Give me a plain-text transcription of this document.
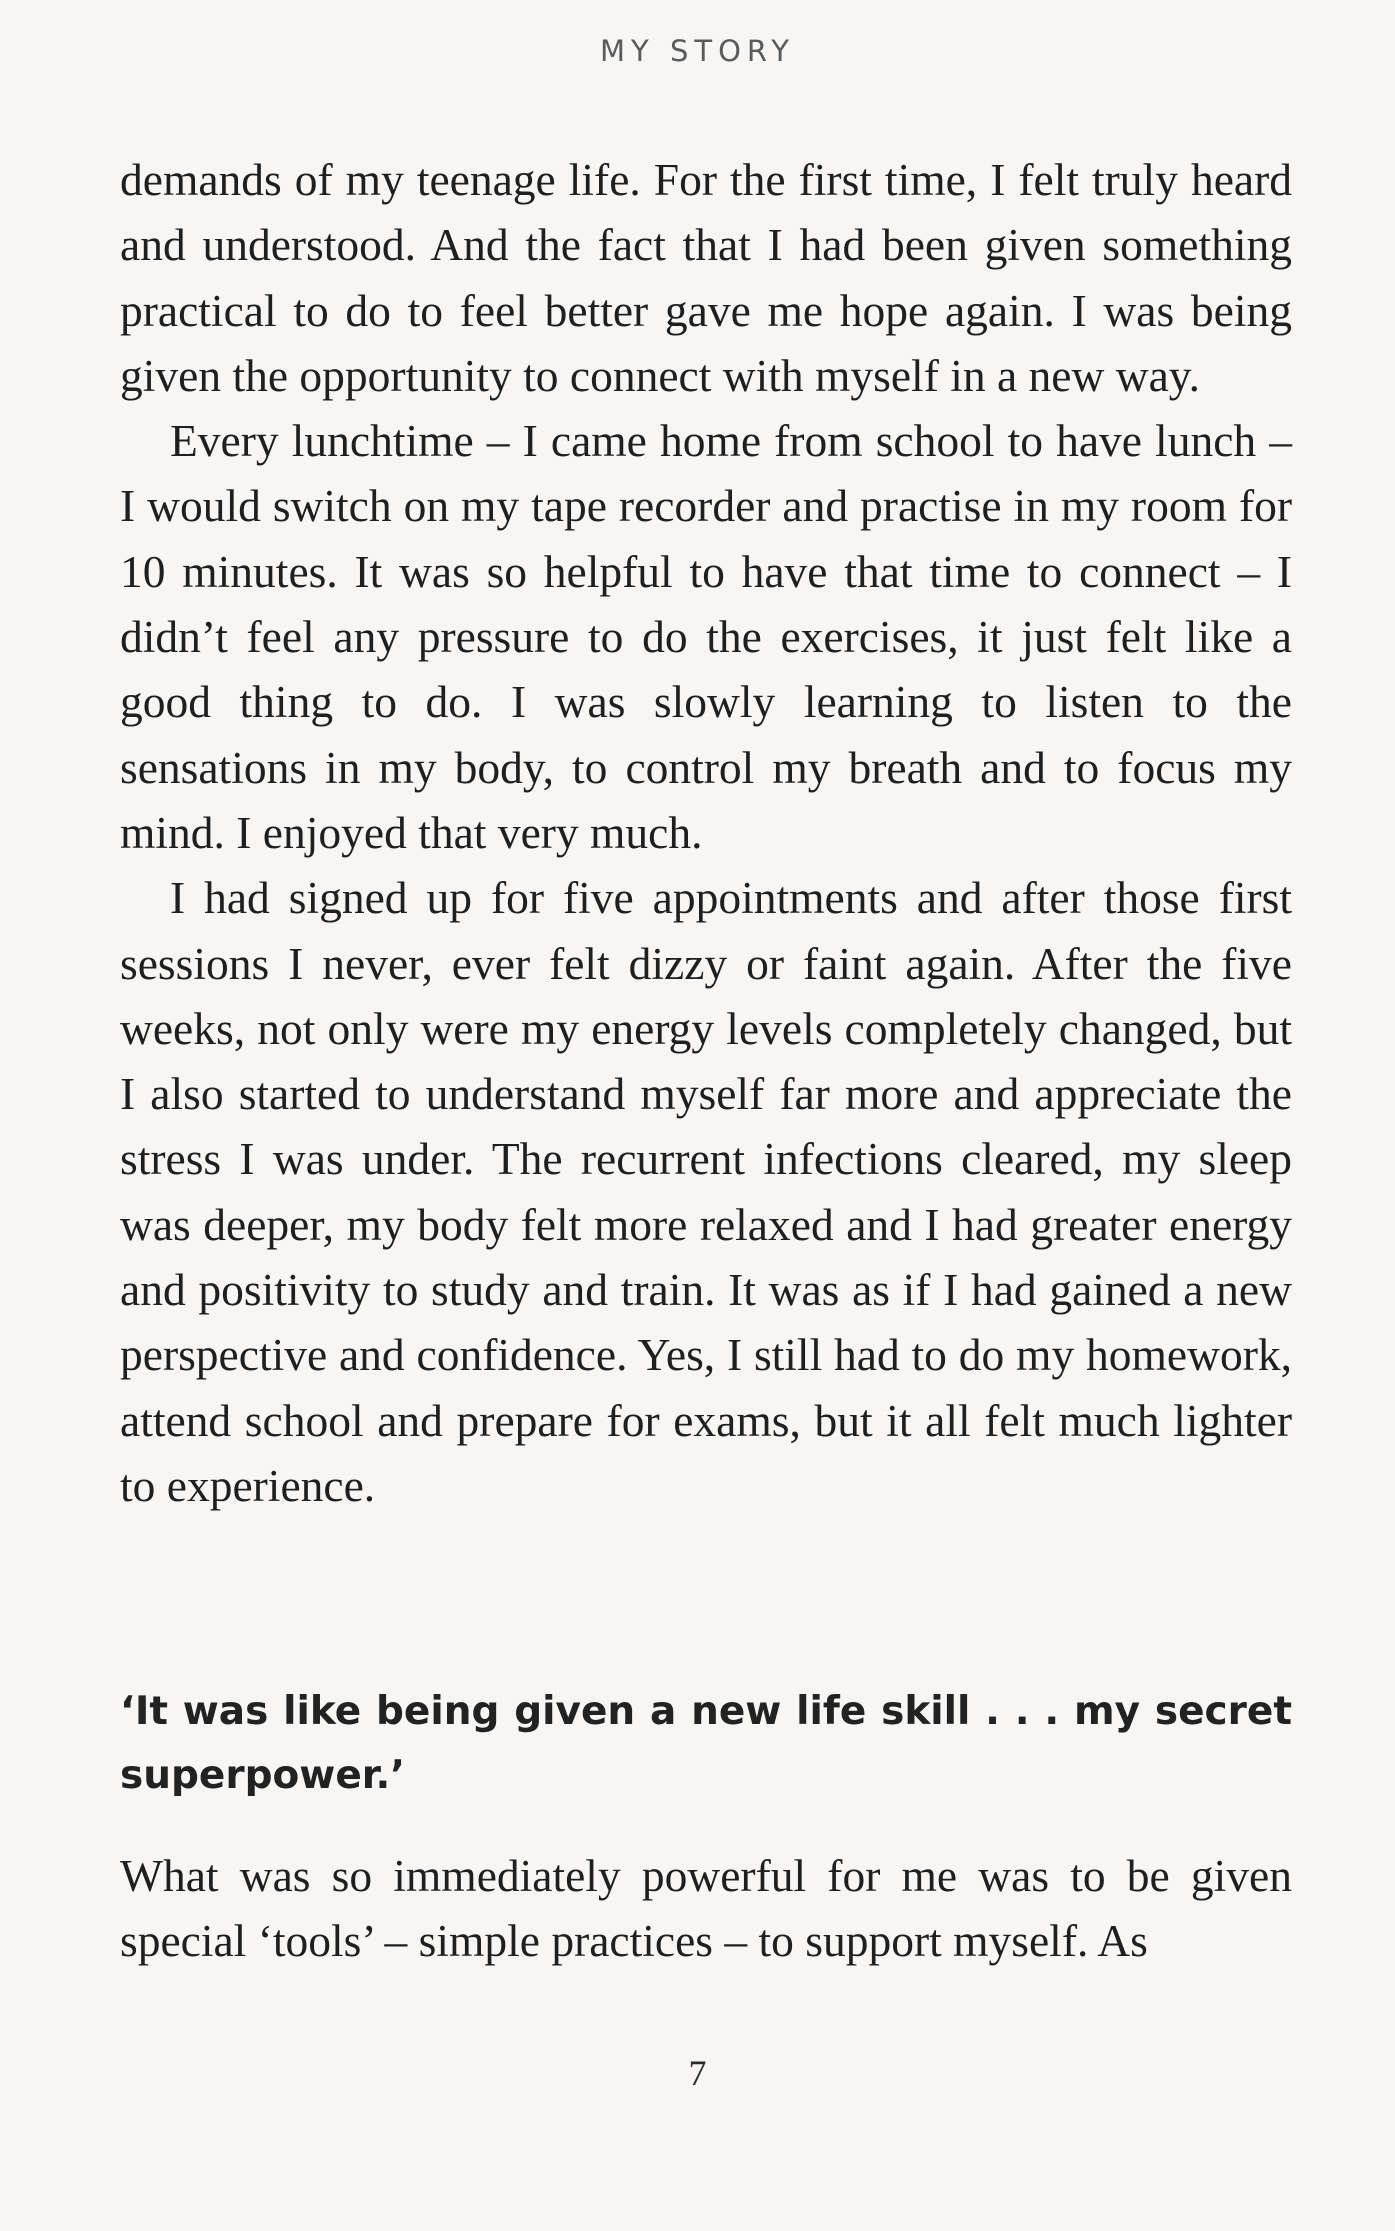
MY STORY

demands of my teenage life. For the first time, I felt truly heard and understood. And the fact that I had been given something practical to do to feel better gave me hope again. I was being given the opportunity to connect with myself in a new way.

Every lunchtime – I came home from school to have lunch – I would switch on my tape recorder and practise in my room for 10 minutes. It was so helpful to have that time to connect – I didn’t feel any pressure to do the exercises, it just felt like a good thing to do. I was slowly learning to listen to the sensations in my body, to control my breath and to focus my mind. I enjoyed that very much.

I had signed up for five appointments and after those first sessions I never, ever felt dizzy or faint again. After the five weeks, not only were my energy levels completely changed, but I also started to understand myself far more and appreciate the stress I was under. The recurrent infections cleared, my sleep was deeper, my body felt more relaxed and I had greater energy and positivity to study and train. It was as if I had gained a new perspective and confidence. Yes, I still had to do my homework, attend school and prepare for exams, but it all felt much lighter to experience.

‘It was like being given a new life skill . . . my secret superpower.’

What was so immediately powerful for me was to be given special ‘tools’ – simple practices – to support myself. As

7
